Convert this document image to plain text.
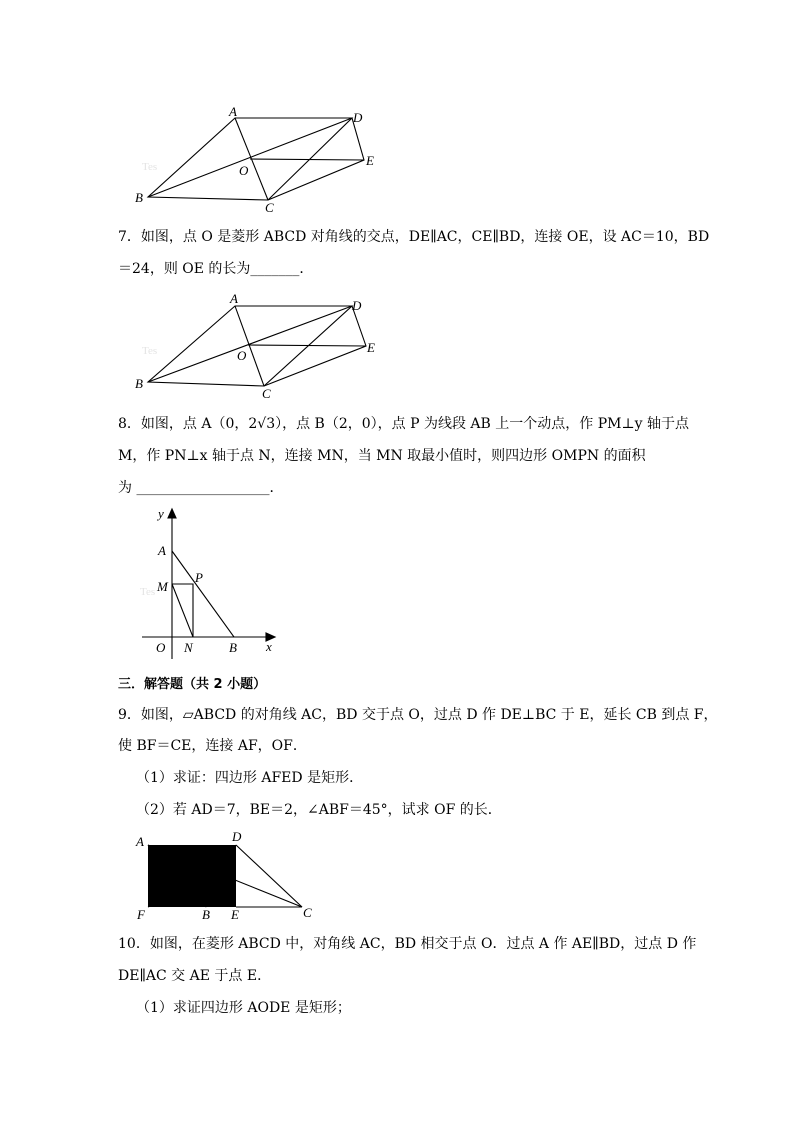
Tes
A
B
C
D
E
O
7．如图，点 O 是菱形 ABCD 对角线的交点，DE∥AC，CE∥BD，连接 OE，设 AC＝10，BD
＝24，则 OE 的长为_______．
Tes
A
B
C
D
E
O
8．如图，点 A（0，2√3），点 B（2，0），点 P 为线段 AB 上一个动点，作 PM⊥y 轴于点
M，作 PN⊥x 轴于点 N，连接 MN，当 MN 取最小值时，则四边形 OMPN 的面积
为 ___________________．
Tes
y
x
A
M
P
O N	B
三．解答题（共 2 小题）
9．如图，▱ABCD 的对角线 AC，BD 交于点 O，过点 D 作 DE⊥BC 于 E，延长 CB 到点 F，
使 BF＝CE，连接 AF，OF．
（1）求证：四边形 AFED 是矩形．
（2）若 AD＝7，BE＝2，∠ABF＝45°，试求 OF 的长．
A	D
O
F	B E	C
10．如图，在菱形 ABCD 中，对角线 AC，BD 相交于点 O．过点 A 作 AE∥BD，过点 D 作
DE∥AC 交 AE 于点 E．
（1）求证四边形 AODE 是矩形；
